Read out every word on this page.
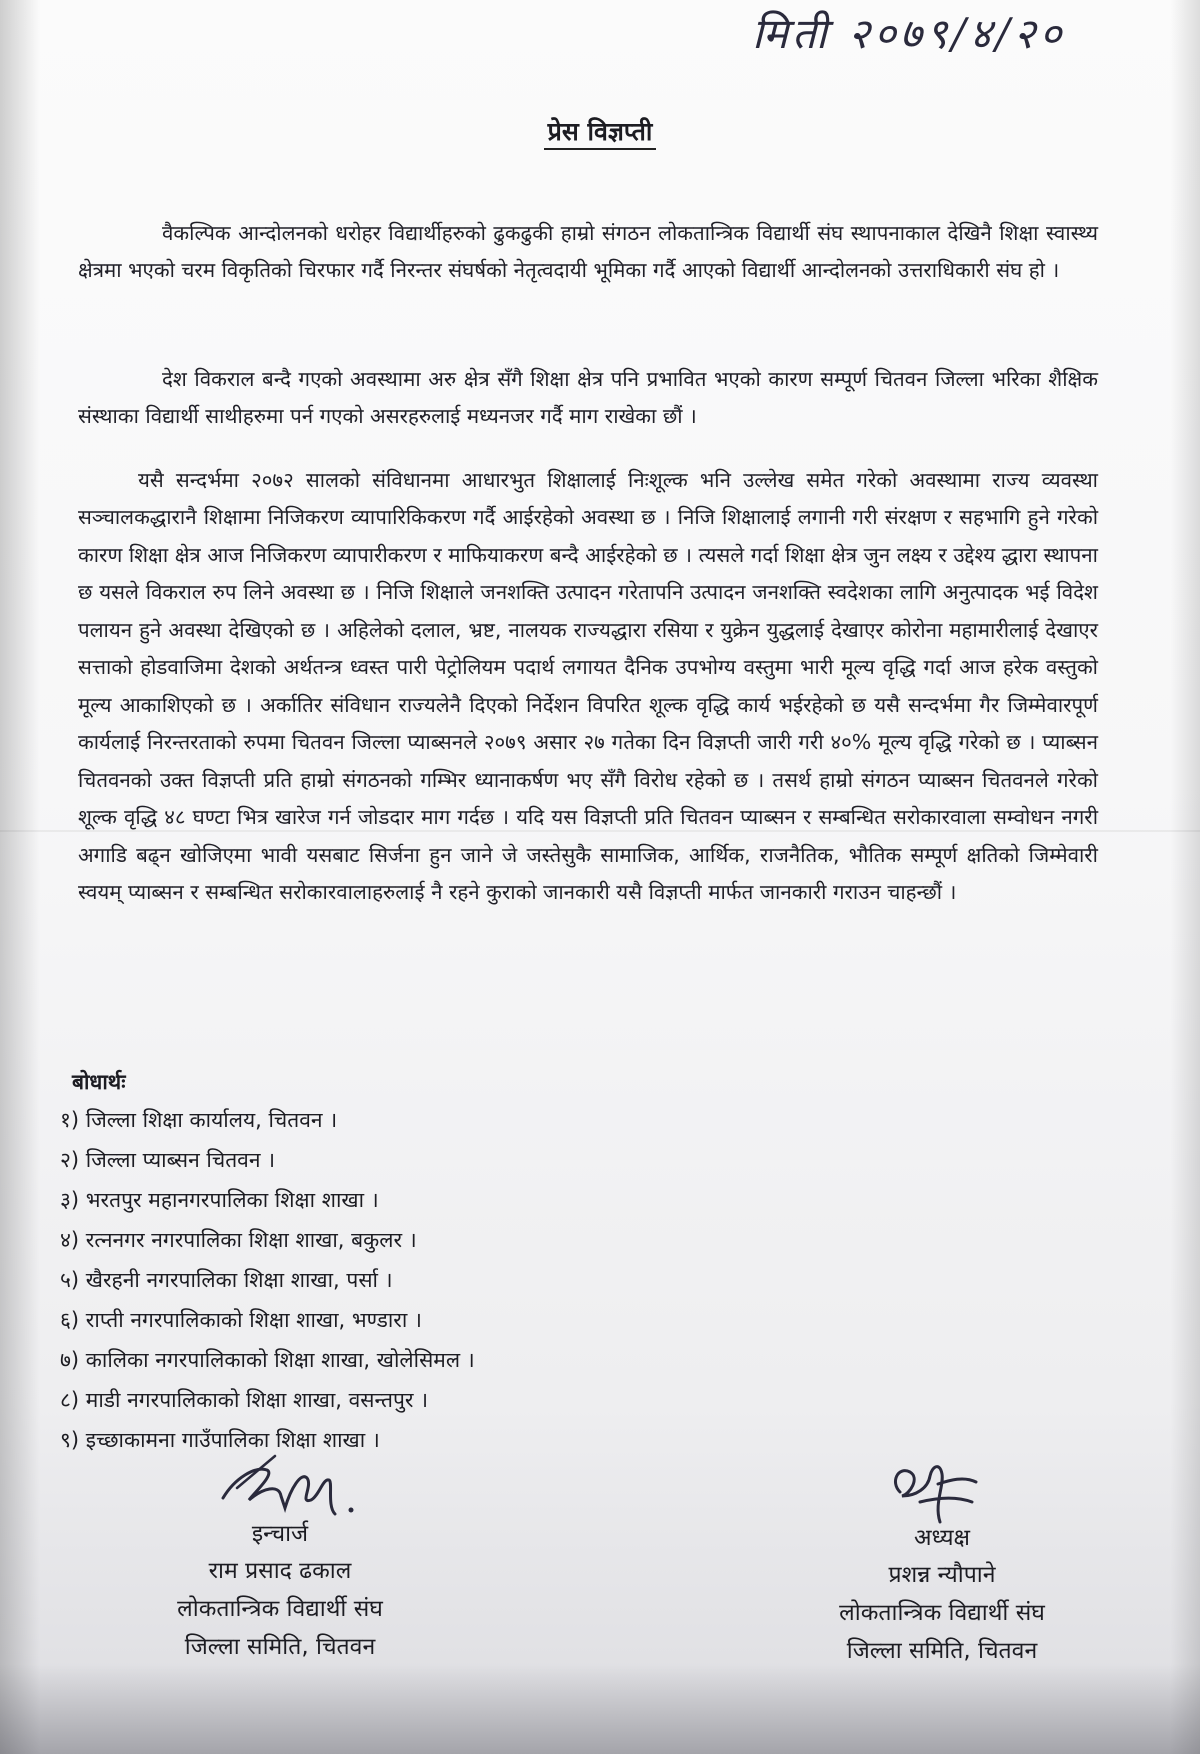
मिती २०७९/४/२०
प्रेस विज्ञप्ती

वैकल्पिक आन्दोलनको धरोहर विद्यार्थीहरुको ढुकढुकी हाम्रो संगठन लोकतान्त्रिक विद्यार्थी संघ स्थापनाकाल देखिनै शिक्षा स्वास्थ्य क्षेत्रमा भएको चरम विकृतिको चिरफार गर्दै निरन्तर संघर्षको नेतृत्वदायी भूमिका गर्दै आएको विद्यार्थी आन्दोलनको उत्तराधिकारी संघ हो ।

देश विकराल बन्दै गएको अवस्थामा अरु क्षेत्र सँगै शिक्षा क्षेत्र पनि प्रभावित भएको कारण सम्पूर्ण चितवन जिल्ला भरिका शैक्षिक संस्थाका विद्यार्थी साथीहरुमा पर्न गएको असरहरुलाई मध्यनजर गर्दै माग राखेका छौं ।

यसै सन्दर्भमा २०७२ सालको संविधानमा आधारभुत शिक्षालाई निःशूल्क भनि उल्लेख समेत गरेको अवस्थामा राज्य व्यवस्था सञ्चालकद्धारानै शिक्षामा निजिकरण व्यापारिकिकरण गर्दै आईरहेको अवस्था छ । निजि शिक्षालाई लगानी गरी संरक्षण र सहभागि हुने गरेको कारण शिक्षा क्षेत्र आज निजिकरण व्यापारीकरण र माफियाकरण बन्दै आईरहेको छ । त्यसले गर्दा शिक्षा क्षेत्र जुन लक्ष्य र उद्देश्य द्धारा स्थापना छ यसले विकराल रुप लिने अवस्था छ । निजि शिक्षाले जनशक्ति उत्पादन गरेतापनि उत्पादन जनशक्ति स्वदेशका लागि अनुत्पादक भई विदेश पलायन हुने अवस्था देखिएको छ । अहिलेको दलाल, भ्रष्ट, नालयक राज्यद्धारा रसिया र युक्रेन युद्धलाई देखाएर कोरोना महामारीलाई देखाएर सत्ताको होडवाजिमा देशको अर्थतन्त्र ध्वस्त पारी पेट्रोलियम पदार्थ लगायत दैनिक उपभोग्य वस्तुमा भारी मूल्य वृद्धि गर्दा आज हरेक वस्तुको मूल्य आकाशिएको छ । अर्कातिर संविधान राज्यलेनै दिएको निर्देशन विपरित शूल्क वृद्धि कार्य भईरहेको छ यसै सन्दर्भमा गैर जिम्मेवारपूर्ण कार्यलाई निरन्तरताको रुपमा चितवन जिल्ला प्याब्सनले २०७९ असार २७ गतेका दिन विज्ञप्ती जारी गरी ४०% मूल्य वृद्धि गरेको छ । प्याब्सन चितवनको उक्त विज्ञप्ती प्रति हाम्रो संगठनको गम्भिर ध्यानाकर्षण भए सँगै विरोध रहेको छ । तसर्थ हाम्रो संगठन प्याब्सन चितवनले गरेको शूल्क वृद्धि ४८ घण्टा भित्र खारेज गर्न जोडदार माग गर्दछ । यदि यस विज्ञप्ती प्रति चितवन प्याब्सन र सम्बन्धित सरोकारवाला सम्वोधन नगरी अगाडि बढ्न खोजिएमा भावी यसबाट सिर्जना हुन जाने जे जस्तेसुकै सामाजिक, आर्थिक, राजनैतिक, भौतिक सम्पूर्ण क्षतिको जिम्मेवारी स्वयम् प्याब्सन र सम्बन्धित सरोकारवालाहरुलाई नै रहने कुराको जानकारी यसै विज्ञप्ती मार्फत जानकारी गराउन चाहन्छौं ।

बोधार्थः
१) जिल्ला शिक्षा कार्यालय, चितवन ।
२) जिल्ला प्याब्सन चितवन ।
३) भरतपुर महानगरपालिका शिक्षा शाखा ।
४) रत्ननगर नगरपालिका शिक्षा शाखा, बकुलर ।
५) खैरहनी नगरपालिका शिक्षा शाखा, पर्सा ।
६) राप्ती नगरपालिकाको शिक्षा शाखा, भण्डारा ।
७) कालिका नगरपालिकाको शिक्षा शाखा, खोलेसिमल ।
८) माडी नगरपालिकाको शिक्षा शाखा, वसन्तपुर ।
९) इच्छाकामना गाउँपालिका शिक्षा शाखा ।
इन्चार्ज
राम प्रसाद ढकाल
लोकतान्त्रिक विद्यार्थी संघ
जिल्ला समिति, चितवन
अध्यक्ष
प्रशन्न न्यौपाने
लोकतान्त्रिक विद्यार्थी संघ
जिल्ला समिति, चितवन
